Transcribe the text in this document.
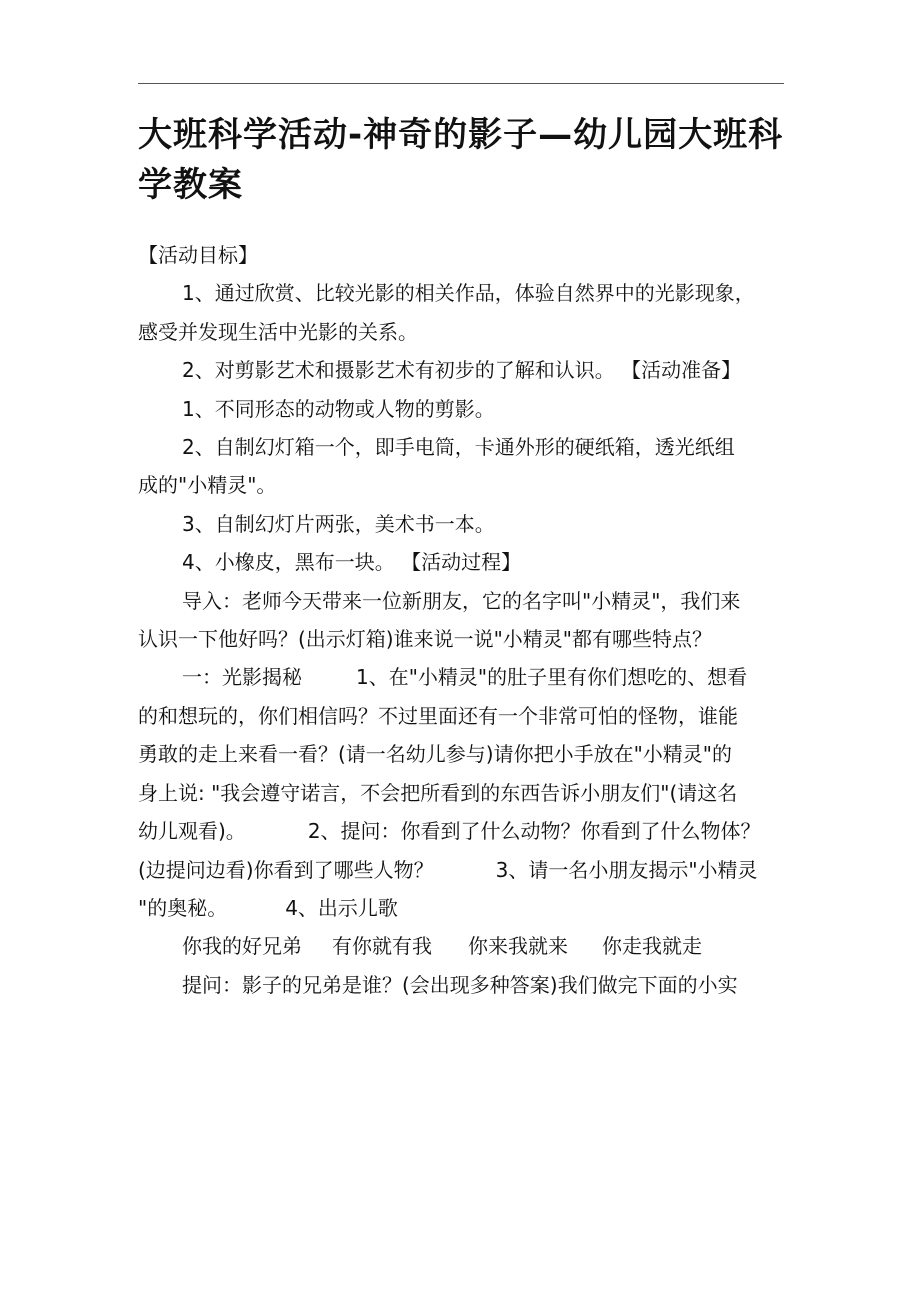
大班科学活动-神奇的影子—幼儿园大班科
学教案

【活动目标】

1、通过欣赏、比较光影的相关作品，体验自然界中的光影现象，

感受并发现生活中光影的关系。

2、对剪影艺术和摄影艺术有初步的了解和认识。 【活动准备】

1、不同形态的动物或人物的剪影。

2、自制幻灯箱一个，即手电筒，卡通外形的硬纸箱，透光纸组

成的"小精灵"。

3、自制幻灯片两张，美术书一本。

4、小橡皮，黑布一块。 【活动过程】

导入：老师今天带来一位新朋友，它的名字叫"小精灵"，我们来

认识一下他好吗？(出示灯箱)谁来说一说"小精灵"都有哪些特点？

一：光影揭秘	1、在"小精灵"的肚子里有你们想吃的、想看

的和想玩的，你们相信吗？不过里面还有一个非常可怕的怪物，谁能

勇敢的走上来看一看？(请一名幼儿参与)请你把小手放在"小精灵"的

身上说: "我会遵守诺言，不会把所看到的东西告诉小朋友们"(请这名

幼儿观看)。	2、提问：你看到了什么动物？你看到了什么物体？

(边提问边看)你看到了哪些人物？	3、请一名小朋友揭示"小精灵

"的奥秘。	4、出示儿歌

你我的好兄弟 有你就有我 你来我就来 你走我就走

提问：影子的兄弟是谁？(会出现多种答案)我们做完下面的小实
